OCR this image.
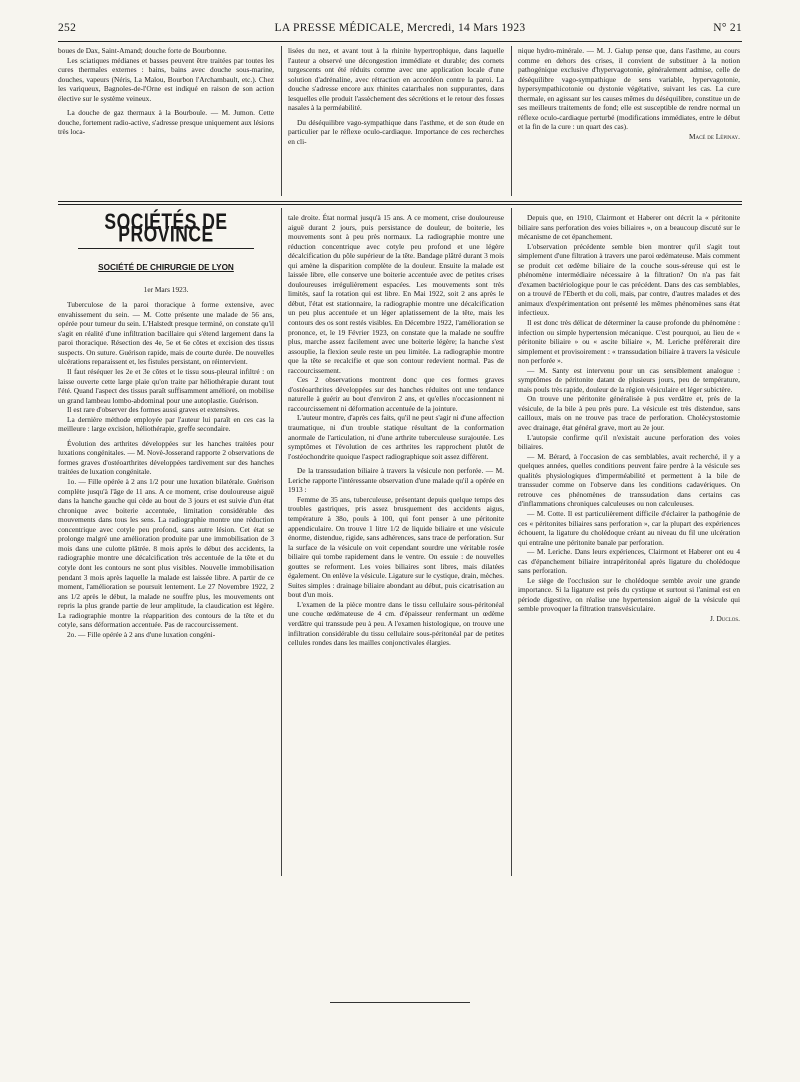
252	LA PRESSE MÉDICALE, Mercredi, 14 Mars 1923	N° 21

boues de Dax, Saint-Amand; douche forte de Bourbonne.

Les sciatiques médianes et basses peuvent être traitées par toutes les cures thermales externes : bains, bains avec douche sous-marine, douches, vapeurs (Néris, La Malou, Bourbon l'Archambault, etc.). Chez les variqueux, Bagnoles-de-l'Orne est indiqué en raison de son action élective sur le système veineux.

La douche de gaz thermaux à la Bourboule. — M. Jumon. Cette douche, fortement radio-active, s'adresse presque uniquement aux lésions très loca-

lisées du nez, et avant tout à la rhinite hypertrophique, dans laquelle l'auteur a observé une décongestion immédiate et durable; des cornets turgescents ont été réduits comme avec une application locale d'une solution d'adrénaline, avec rétraction en accordéon contre la paroi. La douche s'adresse encore aux rhinites catarrhales non suppurantes, dans lesquelles elle produit l'assèchement des sécrétions et le retour des fosses nasales à la perméabilité.

Du déséquilibre vago-sympathique dans l'asthme, et de son étude en particulier par le réflexe oculo-cardiaque. Importance de ces recherches en cli-

nique hydro-minérale. — M. J. Galup pense que, dans l'asthme, au cours comme en dehors des crises, il convient de substituer à la notion pathogénique exclusive d'hypervagotonie, généralement admise, celle de déséquilibre vago-sympathique de sens variable, hypervagotonie, hypersympathicotonie ou dystonie végétative, suivant les cas. La cure thermale, en agissant sur les causes mêmes du déséquilibre, constitue un de ses meilleurs traitements de fond; elle est susceptible de rendre normal un réflexe oculo-cardiaque perturbé (modifications immédiates, entre le début et la fin de la cure : un quart des cas).

Macé de Lépinay.

SOCIÉTÉS DE PROVINCE
SOCIÉTÉ DE CHIRURGIE DE LYON
1er Mars 1923.

Tuberculose de la paroi thoracique à forme extensive, avec envahissement du sein. — M. Cotte présente une malade de 56 ans, opérée pour tumeur du sein. L'Halstedt presque terminé, on constate qu'il s'agit en réalité d'une infiltration bacillaire qui s'étend largement dans la paroi thoracique. Résection des 4e, 5e et 6e côtes et excision des tissus suspects. On suture. Guérison rapide, mais de courte durée. De nouvelles ulcérations reparaissent et, les fistules persistant, on réintervient.

Il faut réséquer les 2e et 3e côtes et le tissu sous-pleural infiltré : on laisse ouverte cette large plaie qu'on traite par héliothérapie durant tout l'été. Quand l'aspect des tissus paraît suffisamment amélioré, on mobilise un grand lambeau lombo-abdominal pour une autoplastie. Guérison.

Il est rare d'observer des formes aussi graves et extensives.

La dernière méthode employée par l'auteur lui paraît en ces cas la meilleure : large excision, héliothérapie, greffe secondaire.

Évolution des arthrites développées sur les hanches traitées pour luxations congénitales. — M. Novè-Josserand rapporte 2 observations de formes graves d'ostéoarthrites développées tardivement sur des hanches traitées de luxation congénitale.

1o. — Fille opérée à 2 ans 1/2 pour une luxation bilatérale. Guérison complète jusqu'à l'âge de 11 ans. A ce moment, crise douloureuse aiguë dans la hanche gauche qui cède au bout de 3 jours et est suivie d'un état chronique avec boiterie accentuée, limitation considérable des mouvements dans tous les sens. La radiographie montre une réduction concentrique avec cotyle peu profond, sans autre lésion. Cet état se prolonge malgré une amélioration produite par une immobilisation de 3 mois dans une culotte plâtrée. 8 mois après le début des accidents, la radiographie montre une décalcification très accentuée de la tête et du cotyle dont les contours ne sont plus visibles. Nouvelle immobilisation pendant 3 mois après laquelle la malade est laissée libre. A partir de ce moment, l'amélioration se poursuit lentement. Le 27 Novembre 1922, 2 ans 1/2 après le début, la malade ne souffre plus, les mouvements ont repris la plus grande partie de leur amplitude, la claudication est légère. La radiographie montre la réapparition des contours de la tête et du cotyle, sans déformation accentuée. Pas de raccourcissement.

2o. — Fille opérée à 2 ans d'une luxation congéni-

tale droite. État normal jusqu'à 15 ans. A ce moment, crise douloureuse aiguë durant 2 jours, puis persistance de douleur, de boiterie, les mouvements sont à peu près normaux. La radiographie montre une réduction concentrique avec cotyle peu profond et une légère décalcification du pôle supérieur de la tête. Bandage plâtré durant 3 mois qui amène la disparition complète de la douleur. Ensuite la malade est laissée libre, elle conserve une boiterie accentuée avec de petites crises douloureuses irrégulièrement espacées. Les mouvements sont très limités, sauf la rotation qui est libre. En Mai 1922, soit 2 ans après le début, l'état est stationnaire, la radiographie montre une décalcification un peu plus accentuée et un léger aplatissement de la tête, mais les contours des os sont restés visibles. En Décembre 1922, l'amélioration se prononce, et, le 19 Février 1923, on constate que la malade ne souffre plus, marche assez facilement avec une boiterie légère; la hanche s'est assouplie, la flexion seule reste un peu limitée. La radiographie montre que la tête se recalcifie et que son contour redevient normal. Pas de raccourcissement.

Ces 2 observations montrent donc que ces formes graves d'ostéoarthrites développées sur des hanches réduites ont une tendance naturelle à guérir au bout d'environ 2 ans, et qu'elles n'occasionnent ni raccourcissement ni déformation accentuée de la jointure.

L'auteur montre, d'après ces faits, qu'il ne peut s'agir ni d'une affection traumatique, ni d'un trouble statique résultant de la conformation anormale de l'articulation, ni d'une arthrite tuberculeuse surajoutée. Les symptômes et l'évolution de ces arthrites les rapprochent plutôt de l'ostéochondrite quoique l'aspect radiographique soit assez différent.

De la transsudation biliaire à travers la vésicule non perforée. — M. Leriche rapporte l'intéressante observation d'une malade qu'il a opérée en 1913 :

Femme de 35 ans, tuberculeuse, présentant depuis quelque temps des troubles gastriques, pris assez brusquement des accidents aigus, température à 38o, pouls à 100, qui font penser à une péritonite appendiculaire. On trouve 1 litre 1/2 de liquide biliaire et une vésicule énorme, distendue, rigide, sans adhérences, sans trace de perforation. Sur la surface de la vésicule on voit cependant sourdre une véritable rosée biliaire qui tombe rapidement dans le ventre. On essuie : de nouvelles gouttes se reforment. Les voies biliaires sont libres, mais dilatées également. On enlève la vésicule. Ligature sur le cystique, drain, mèches. Suites simples : drainage biliaire abondant au début, puis cicatrisation au bout d'un mois.

L'examen de la pièce montre dans le tissu cellulaire sous-péritonéal une couche œdémateuse de 4 cm. d'épaisseur renfermant un œdème verdâtre qui transsude peu à peu. A l'examen histologique, on trouve une infiltration considérable du tissu cellulaire sous-péritonéal par de petites cellules rondes dans les mailles conjonctivales élargies.

Depuis que, en 1910, Clairmont et Haberer ont décrit la « péritonite biliaire sans perforation des voies biliaires », on a beaucoup discuté sur le mécanisme de cet épanchement.

L'observation précédente semble bien montrer qu'il s'agit tout simplement d'une filtration à travers une paroi œdémateuse. Mais comment se produit cet œdème biliaire de la couche sous-séreuse qui est le phénomène intermédiaire nécessaire à la filtration? On n'a pas fait d'examen bactériologique pour le cas précédent. Dans des cas semblables, on a trouvé de l'Eberth et du coli, mais, par contre, d'autres malades et des animaux d'expérimentation ont présenté les mêmes phénomènes sans état infectieux.

Il est donc très délicat de déterminer la cause profonde du phénomène : infection ou simple hypertension mécanique. C'est pourquoi, au lieu de « péritonite biliaire » ou « ascite biliaire », M. Leriche préférerait dire simplement et provisoirement : « transsudation biliaire à travers la vésicule non perforée ».

— M. Santy est intervenu pour un cas sensiblement analogue : symptômes de péritonite datant de plusieurs jours, peu de température, mais pouls très rapide, douleur de la région vésiculaire et léger subictère.

On trouve une péritonite généralisée à pus verdâtre et, près de la vésicule, de la bile à peu près pure. La vésicule est très distendue, sans cailloux, mais on ne trouve pas trace de perforation. Cholécystostomie avec drainage, état général grave, mort au 2e jour.

L'autopsie confirme qu'il n'existait aucune perforation des voies biliaires.

— M. Bérard, à l'occasion de cas semblables, avait recherché, il y a quelques années, quelles conditions peuvent faire perdre à la vésicule ses qualités physiologiques d'imperméabilité et permettent à la bile de transsuder comme on l'observe dans les conditions cadavériques. On retrouve ces phénomènes de transsudation dans certains cas d'inflammations chroniques calculeuses ou non calculeuses.

— M. Cotte. Il est particulièrement difficile d'éclairer la pathogénie de ces « péritonites biliaires sans perforation », car la plupart des expériences échouent, la ligature du cholédoque créant au niveau du fil une ulcération qui entraîne une péritonite banale par perforation.

— M. Leriche. Dans leurs expériences, Clairmont et Haberer ont eu 4 cas d'épanchement biliaire intrapéritonéal après ligature du cholédoque sans perforation.

Le siège de l'occlusion sur le cholédoque semble avoir une grande importance. Si la ligature est près du cystique et surtout si l'animal est en période digestive, on réalise une hypertension aiguë de la vésicule qui semble provoquer la filtration transvésiculaire.

J. Duclos.
